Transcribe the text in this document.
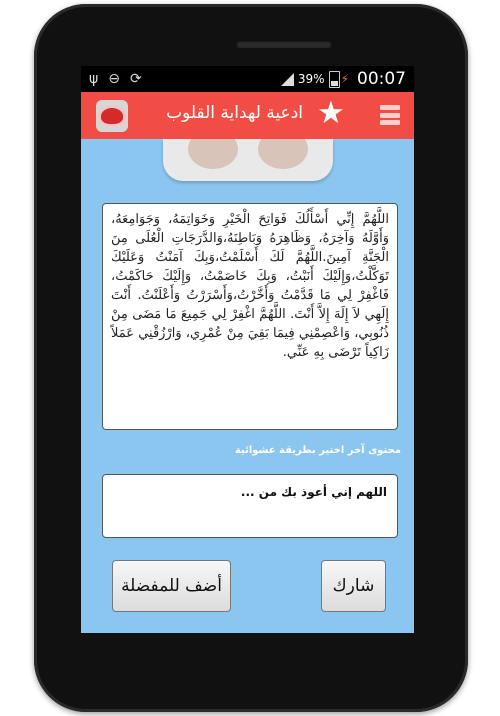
ψ ⊖ ⟳	39% ⚡ 00:07
ادعية لهداية القلوب ★

اللَّهُمَّ إِنِّي أَسْأَلُكَ فَوَاتِحَ الْخَيْرِ وَخَوَاتِمَهُ، وَجَوَامِعَهُ، وَأَوَّلَهُ وَآخِرَهُ، وَظَاهِرَهُ وَبَاطِنَهُ،وَالدَّرَجَاتِ الْعُلَى مِنَ الْجَنَّةِ آمِينَ.اللَّهُمَّ لَكَ أَسْلَمْتُ،وَبِكَ آمَنْتُ وَعَلَيْكَ تَوَكَّلْتُ،وَإِلَيْكَ أَنَبْتُ، وَبِكَ خَاصَمْتُ، وَإِلَيْكَ حَاكَمْتُ، فَاغْفِرْ لِي مَا قَدَّمْتُ وَأَخَّرْتُ،وَأَسْرَرْتُ وَأَعْلَنْتُ. أَنْتَ إِلَهِي لاَ إِلَهَ إِلاَّ أَنْتَ. اللَّهُمَّ اغْفِرْ لِي جَمِيعَ مَا مَضَى مِنْ ذُنُوبِي، وَاعْصِمْنِي فِيمَا بَقِيَ مِنْ عُمْرِي، وَارْزُقْنِي عَمَلاً زَاكِياً تَرْضَى بِهِ عَنِّي.

محتوى آخر اختير بطريقة عشوائية
اللهم إني أعوذ بك من ...
أضف للمفضلة	شارك
